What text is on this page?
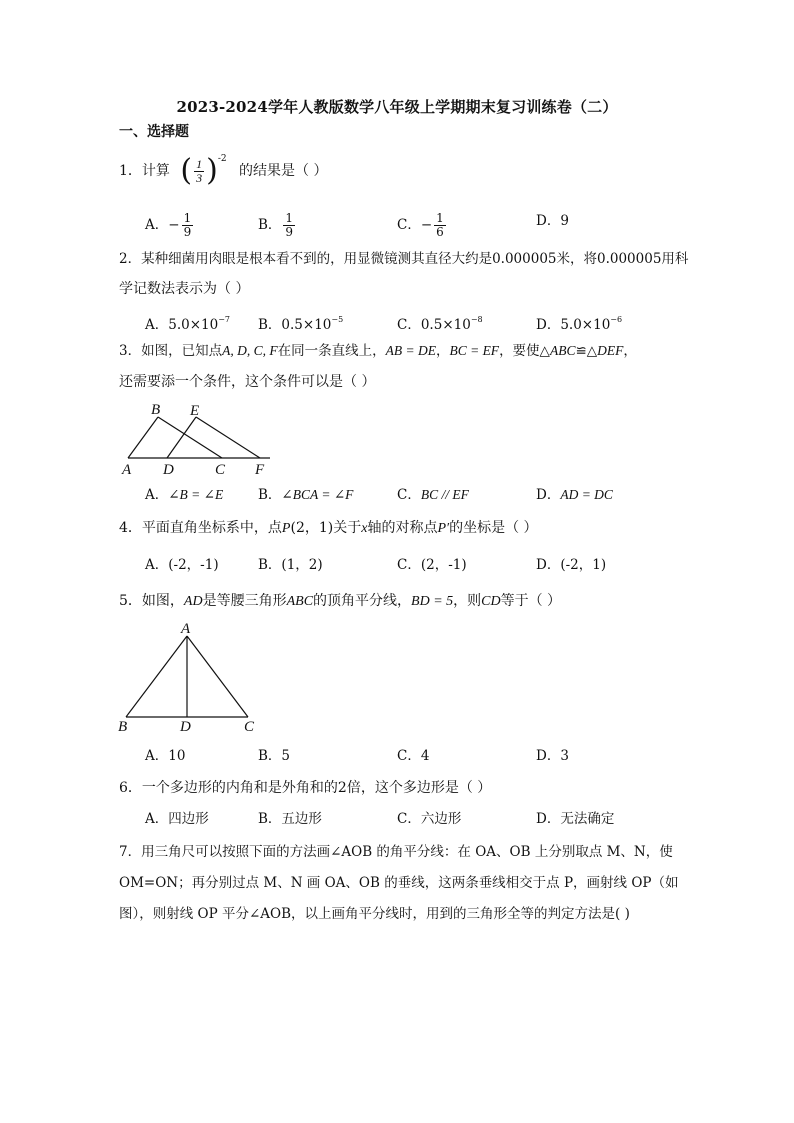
2023-2024学年人教版数学八年级上学期期末复习训练卷（二）
一、选择题
1．计算 ( $\frac{1}{3}$ ) -2
的结果是（ ）
A．− $\frac{1}{9}$	B． $\frac{1}{9}$	C．− $\frac{1}{6}$	D．9
2．某种细菌用肉眼是根本看不到的，用显微镜测其直径大约是0.000005米，将0.000005用科
学记数法表示为（ ）
A．$5.0\times 10^{-7}$ B．$0.5\times 10^{-5}$	C．$0.5\times 10^{-8}$	D．$5.0\times 10^{-6}$
3．如图，已知点A, D, C, F在同一条直线上，AB = DE，BC = EF，要使△ABC≌△DEF，
还需要添一个条件，这个条件可以是（ ）
B E
A D	C F
A．∠B = ∠E	B．∠BCA = ∠F	C．BC // EF	D．AD = DC
4．平面直角坐标系中，点P(2，1)关于x轴的对称点P′的坐标是（ ）
A．(-2，-1)	B．(1，2)	C．(2，-1)	D．(-2，1)
5．如图，AD是等腰三角形ABC的顶角平分线，BD = 5，则CD等于（ ）
A
B	D	C
A．10	B．5	C．4	D．3
6．一个多边形的内角和是外角和的2倍，这个多边形是（ ）
A．四边形	B．五边形	C．六边形	D．无法确定
7．用三角尺可以按照下面的方法画∠AOB 的角平分线：在 OA、OB 上分别取点 M、N，使
OM=ON；再分别过点 M、N 画 OA、OB 的垂线，这两条垂线相交于点 P，画射线 OP（如
图），则射线 OP 平分∠AOB，以上画角平分线时，用到的三角形全等的判定方法是( )
